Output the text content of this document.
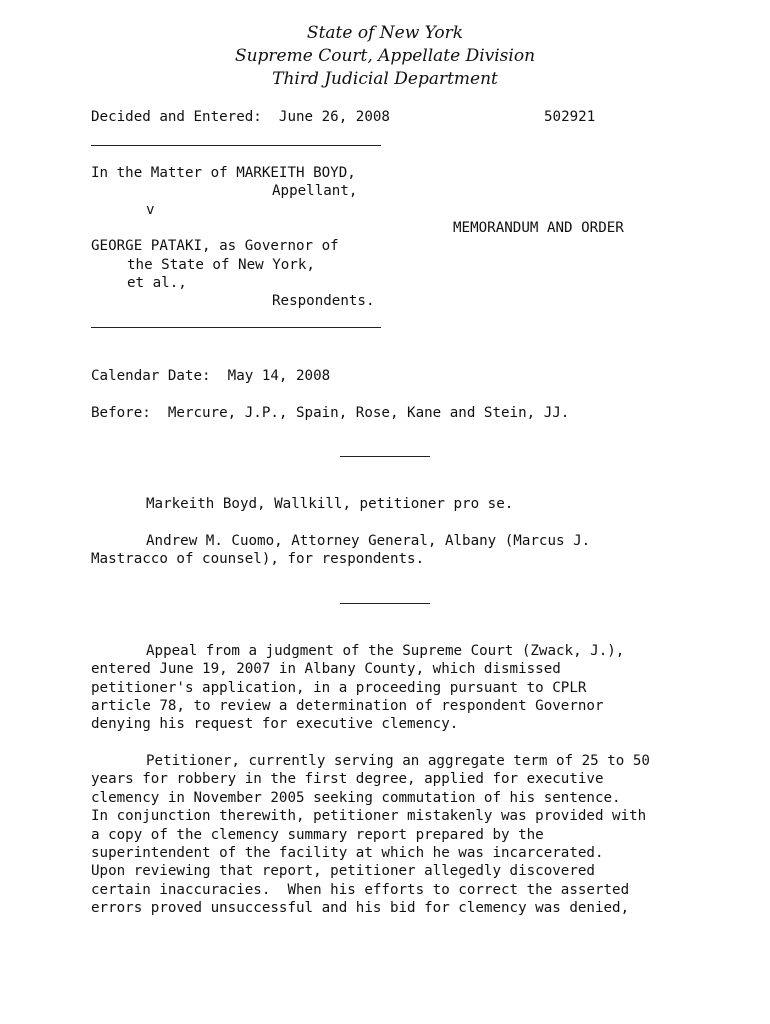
State of New York
Supreme Court, Appellate Division
Third Judicial Department
Decided and Entered:  June 26, 2008	502921
In the Matter of MARKEITH BOYD,
Appellant,
v
MEMORANDUM AND ORDER
GEORGE PATAKI, as Governor of
the State of New York,
et al.,
Respondents.
Calendar Date:  May 14, 2008
Before:  Mercure, J.P., Spain, Rose, Kane and Stein, JJ.
Markeith Boyd, Wallkill, petitioner pro se.
Andrew M. Cuomo, Attorney General, Albany (Marcus J.
Mastracco of counsel), for respondents.
Appeal from a judgment of the Supreme Court (Zwack, J.),
entered June 19, 2007 in Albany County, which dismissed
petitioner's application, in a proceeding pursuant to CPLR
article 78, to review a determination of respondent Governor
denying his request for executive clemency.
Petitioner, currently serving an aggregate term of 25 to 50
years for robbery in the first degree, applied for executive
clemency in November 2005 seeking commutation of his sentence.
In conjunction therewith, petitioner mistakenly was provided with
a copy of the clemency summary report prepared by the
superintendent of the facility at which he was incarcerated.
Upon reviewing that report, petitioner allegedly discovered
certain inaccuracies.  When his efforts to correct the asserted
errors proved unsuccessful and his bid for clemency was denied,
